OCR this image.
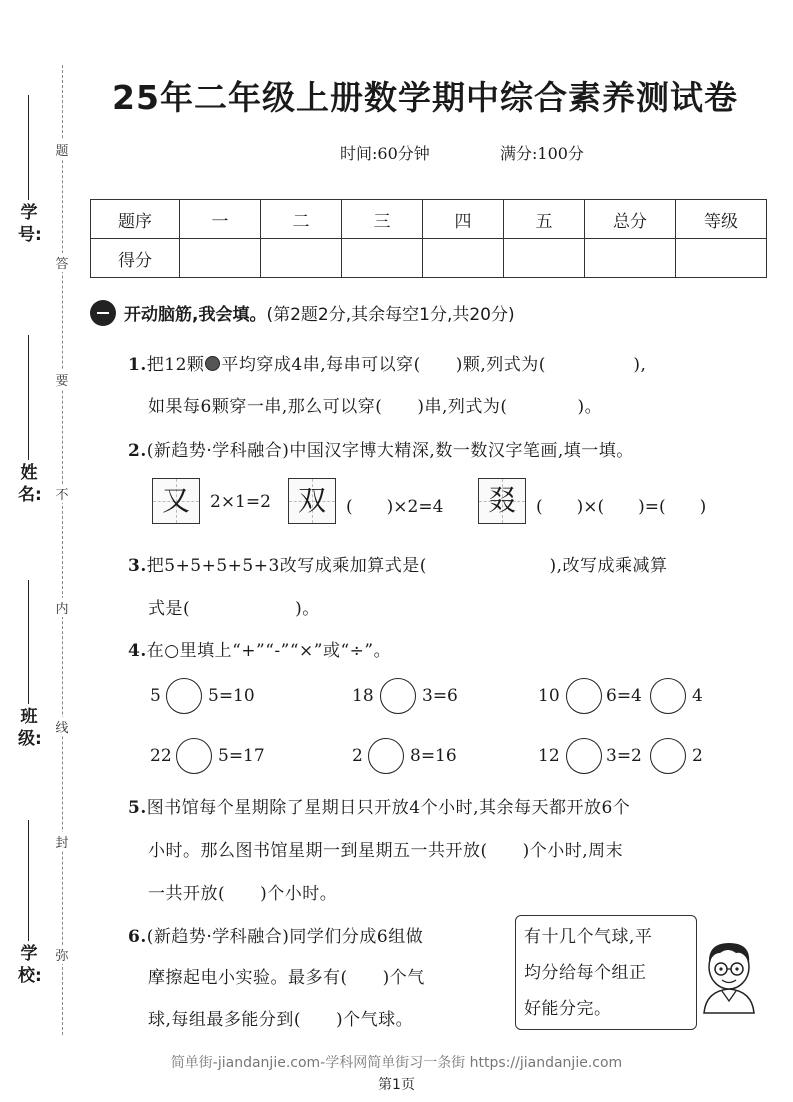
学号:
姓名:
班级:
学校:
题
答
要
不
内
线
封
弥
25年二年级上册数学期中综合素养测试卷
时间:60分钟	满分:100分
题序	一	二	三	四	五	总分	等级
得分							
开动脑筋,我会填。(第2题2分,其余每空1分,共20分)
1.把12颗 平均穿成4串,每串可以穿(　　)颗,列式为(　　　　　),
如果每6颗穿一串,那么可以穿(　　)串,列式为(　　　　)。
2.(新趋势·学科融合)中国汉字博大精深,数一数汉字笔画,填一填。
又	2×1=2 双	(　　)×2=4	叕	(　　)×(　　)=(　　)
3.把5+5+5+5+3改写成乘加算式是(　　　　　　　),改写成乘减算
式是(　　　　　　)。
4.在○里填上“+”“-”“×”或“÷”。
5	5=10	18	3=6	10	6=4	4
22	5=17	2	8=16	12	3=2	2
5.图书馆每个星期除了星期日只开放4个小时,其余每天都开放6个
小时。那么图书馆星期一到星期五一共开放(　　)个小时,周末
一共开放(　　)个小时。
6.(新趋势·学科融合)同学们分成6组做
摩擦起电小实验。最多有(　　)个气
球,每组最多能分到(　　)个气球。
有十几个气球,平
均分给每个组正
好能分完。
简单街-jiandanjie.com-学科网简单街习一条街 https://jiandanjie.com
第1页
